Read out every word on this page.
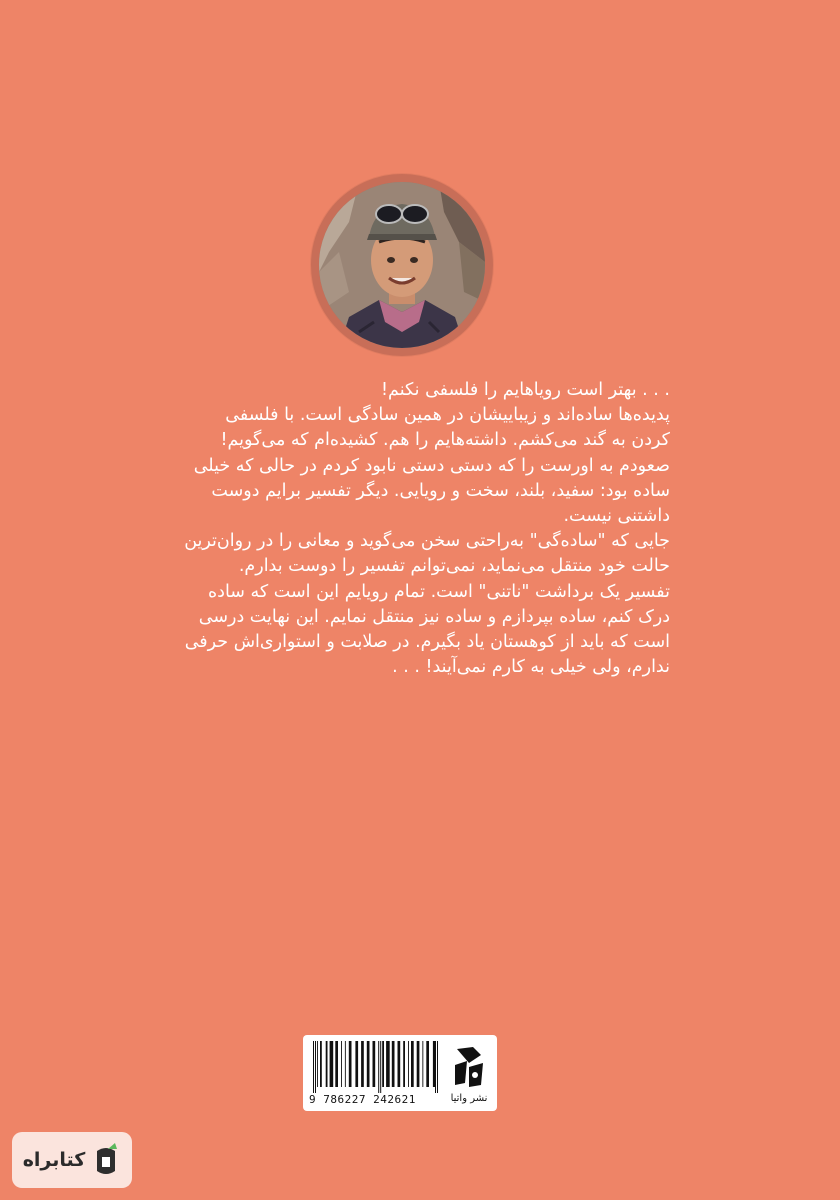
. . . بهتر است رویاهایم را فلسفی نکنم!

پدیده‌ها ساده‌اند و زیباییشان در همین سادگی است. با فلسفی

کردن به گند می‌کشم. داشته‌هایم را هم. کشیده‌ام که می‌گویم!

صعودم به اورست را که دستی دستی نابود کردم در حالی که خیلی

ساده بود: سفید، بلند، سخت و رویایی. دیگر تفسیر برایم دوست

داشتنی نیست.

جایی که "ساده‌گی" به‌راحتی سخن می‌گوید و معانی را در روان‌ترین

حالت خود منتقل می‌نماید، نمی‌توانم تفسیر را دوست بدارم.

تفسیر یک برداشت "ناتنی" است. تمام رویایم این است که ساده

درک کنم، ساده بپردازم و ساده نیز منتقل نمایم. این نهایت درسی

است که باید از کوهستان یاد بگیرم. در صلابت و استواری‌اش حرفی

ندارم، ولی خیلی به کارم نمی‌آیند! . . .

9 786227 242621	نشر واتیا
کتابراه
